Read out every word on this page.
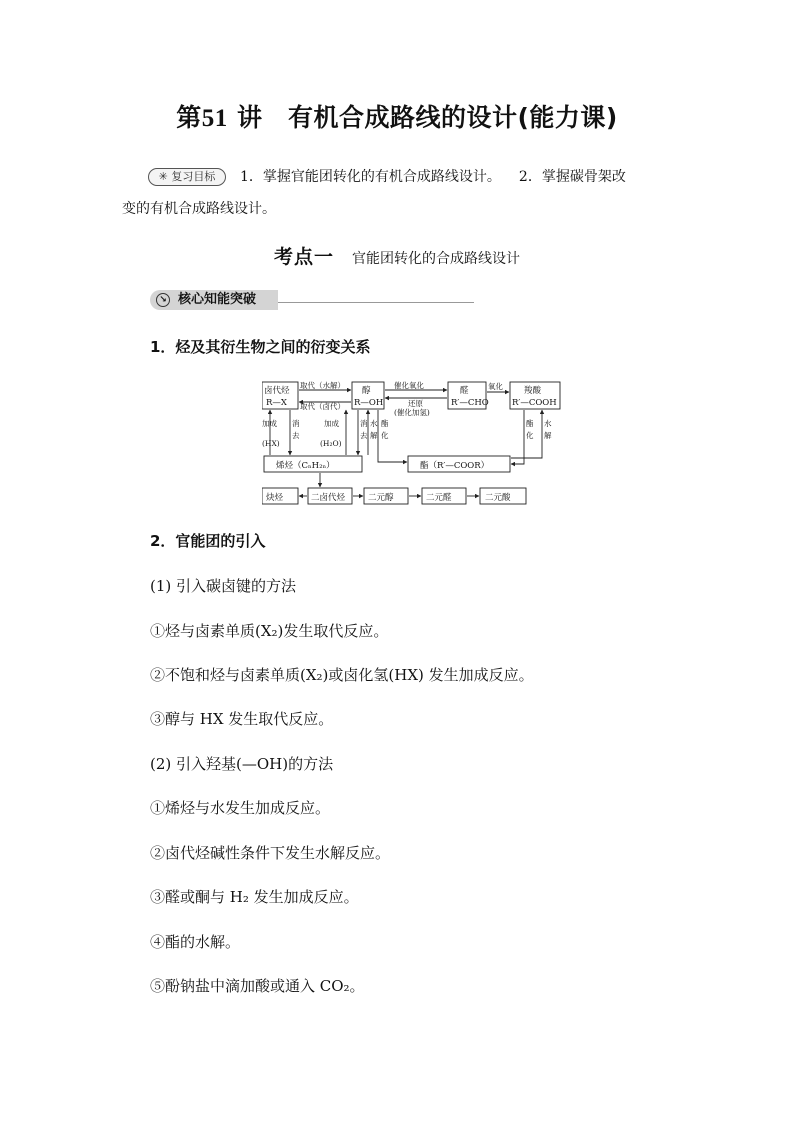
第51 讲　有机合成路线的设计(能力课)
✳ 复习目标	1．掌握官能团转化的有机合成路线设计。 2．掌握碳骨架改
变的有机合成路线设计。
考点一 官能团转化的合成路线设计
↘ 核心知能突破
1．烃及其衍生物之间的衍变关系
卤代烃
R—X
醇
R—OH
醛
R′—CHO
羧酸
R′—COOH
烯烃（CₙH₂ₙ）	酯（R′—COOR）
炔烃	二卤代烃	二元醇	二元醛	二元酸
取代（水解）
取代（卤代）
催化氧化
还原
(催化加氢)
氧化
加成
(HX)
消
去
加成
(H₂O)
消
去
水
解
酯
化
酯
化
水
解
2．官能团的引入
(1) 引入碳卤键的方法
①烃与卤素单质(X₂)发生取代反应。
②不饱和烃与卤素单质(X₂)或卤化氢(HX) 发生加成反应。
③醇与 HX 发生取代反应。
(2) 引入羟基(—OH)的方法
①烯烃与水发生加成反应。
②卤代烃碱性条件下发生水解反应。
③醛或酮与 H₂ 发生加成反应。
④酯的水解。
⑤酚钠盐中滴加酸或通入 CO₂。
